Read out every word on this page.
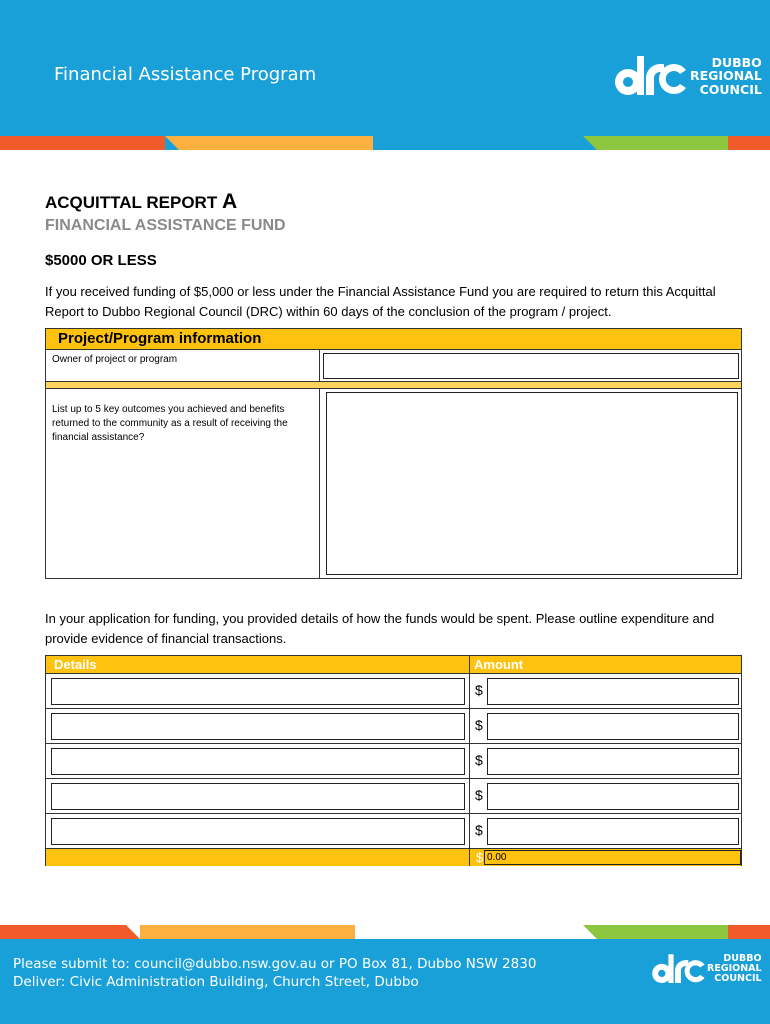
Financial Assistance Program
DUBBO
REGIONAL
COUNCIL
ACQUITTAL REPORT A
FINANCIAL ASSISTANCE FUND
$5000 OR LESS
If you received funding of $5,000 or less under the Financial Assistance Fund you are required to return this Acquittal Report to Dubbo Regional Council (DRC) within 60 days of the conclusion of the program / project.
Project/Program information
Owner of project or program
List up to 5 key outcomes you achieved and benefits returned to the community as a result of receiving the financial assistance?
In your application for funding, you provided details of how the funds would be spent. Please outline expenditure and provide evidence of financial transactions.
Details	Amount
$
$
$
$
$
$ 0.00
DUBBO
REGIONAL
COUNCIL
Please submit to: council@dubbo.nsw.gov.au or PO Box 81, Dubbo NSW 2830
Deliver: Civic Administration Building, Church Street, Dubbo
